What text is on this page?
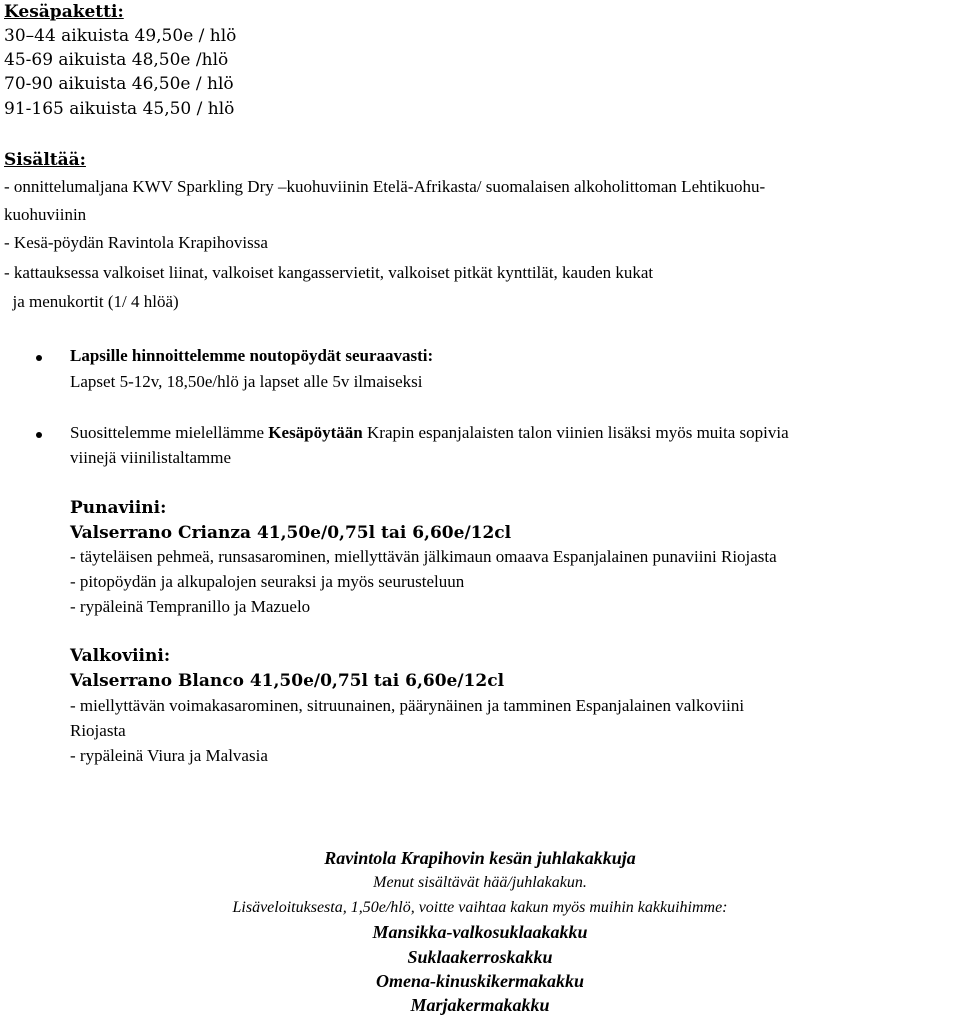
Kesäpaketti:
30–44 aikuista 49,50e / hlö
45-69 aikuista 48,50e /hlö
70-90 aikuista 46,50e / hlö
91-165 aikuista 45,50 / hlö
Sisältää:
- onnittelumaljana KWV Sparkling Dry –kuohuviinin Etelä-Afrikasta/ suomalaisen alkoholittoman Lehtikuohu-
kuohuviinin
- Kesä-pöydän Ravintola Krapihovissa
- kattauksessa valkoiset liinat, valkoiset kangasservietit, valkoiset pitkät kynttilät, kauden kukat
ja menukortit (1/ 4 hlöä)
Lapsille hinnoittelemme noutopöydät seuraavasti:
Lapset 5-12v, 18,50e/hlö ja lapset alle 5v ilmaiseksi
Suosittelemme mielellämme Kesäpöytään Krapin espanjalaisten talon viinien lisäksi myös muita sopivia
viinejä viinilistaltamme
Punaviini:
Valserrano Crianza 41,50e/0,75l tai 6,60e/12cl
- täyteläisen pehmeä, runsasarominen, miellyttävän jälkimaun omaava Espanjalainen punaviini Riojasta
- pitopöydän ja alkupalojen seuraksi ja myös seurusteluun
- rypäleinä Tempranillo ja Mazuelo
Valkoviini:
Valserrano Blanco 41,50e/0,75l tai 6,60e/12cl
- miellyttävän voimakasarominen, sitruunainen, päärynäinen ja tamminen Espanjalainen valkoviini
Riojasta
- rypäleinä Viura ja Malvasia
Ravintola Krapihovin kesän juhlakakkuja
Menut sisältävät hää/juhlakakun.
Lisäveloituksesta, 1,50e/hlö, voitte vaihtaa kakun myös muihin kakkuihimme:
Mansikka-valkosuklaakakku
Suklaakerroskakku
Omena-kinuskikermakakku
Marjakermakakku
